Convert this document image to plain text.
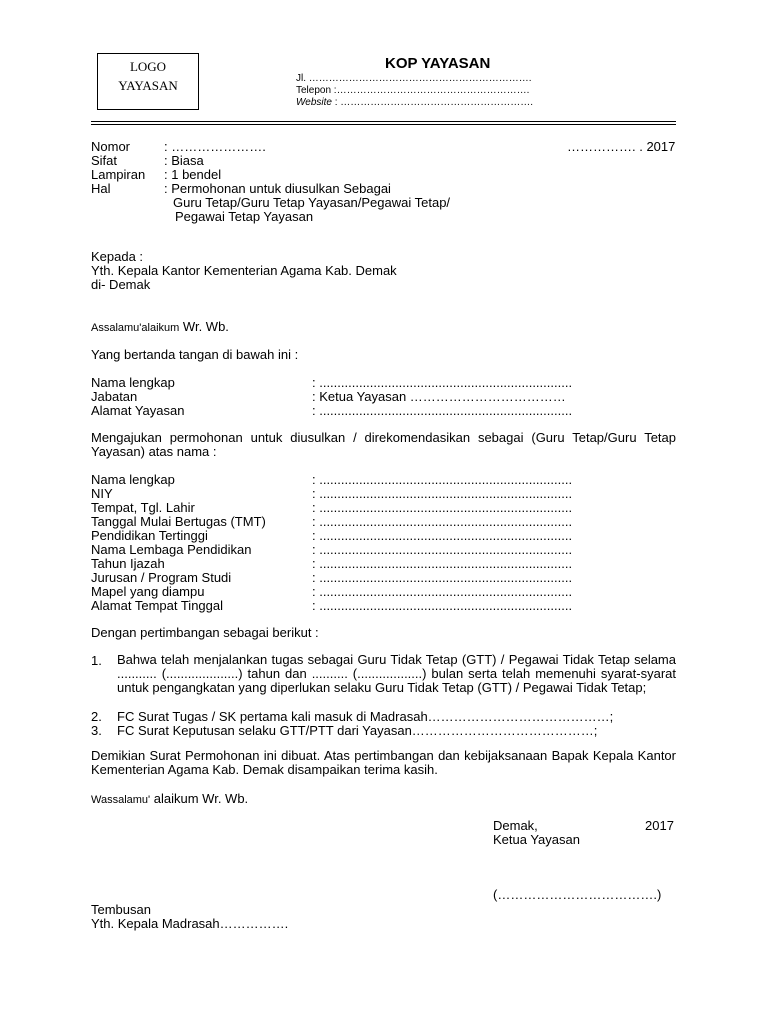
LOGO
YAYASAN
KOP YAYASAN
Jl. ………………………………………………………….
Telepon :………………………………………………….
Website : ………………………………………………….
Nomor	: ………………….	……………. . 2017
Sifat	: Biasa
Lampiran : 1 bendel
Hal	: Permohonan untuk diusulkan Sebagai
Guru Tetap/Guru Tetap Yayasan/Pegawai Tetap/
Pegawai Tetap Yayasan
Kepada :
Yth. Kepala Kantor Kementerian Agama Kab. Demak
di- Demak
Assalamu'alaikum Wr. Wb.
Yang bertanda tangan di bawah ini :
Nama lengkap	: ......................................................................
Jabatan	: Ketua Yayasan ………………………………
Alamat Yayasan	: ......................................................................
Mengajukan permohonan untuk diusulkan / direkomendasikan sebagai (Guru Tetap/Guru Tetap Yayasan) atas nama :
Nama lengkap	: ......................................................................
NIY	: ......................................................................
Tempat, Tgl. Lahir	: ......................................................................
Tanggal Mulai Bertugas (TMT)	: ......................................................................
Pendidikan Tertinggi	: ......................................................................
Nama Lembaga Pendidikan	: ......................................................................
Tahun Ijazah	: ......................................................................
Jurusan / Program Studi	: ......................................................................
Mapel yang diampu	: ......................................................................
Alamat Tempat Tinggal	: ......................................................................
Dengan pertimbangan sebagai berikut :
1. Bahwa telah menjalankan tugas sebagai Guru Tidak Tetap (GTT) / Pegawai Tidak Tetap selama ........... (....................) tahun dan .......... (..................) bulan serta telah memenuhi syarat-syarat untuk pengangkatan yang diperlukan selaku Guru Tidak Tetap (GTT) / Pegawai Tidak Tetap;
2. FC Surat Tugas / SK pertama kali masuk di Madrasah……………………………………;
3. FC Surat Keputusan selaku GTT/PTT dari Yayasan……………………………………;
Demikian Surat Permohonan ini dibuat. Atas pertimbangan dan kebijaksanaan Bapak Kepala Kantor Kementerian Agama Kab. Demak disampaikan terima kasih.
Wassalamu' alaikum Wr. Wb.
Demak,	2017
Ketua Yayasan
(……………………………….)
Tembusan
Yth. Kepala Madrasah…………….
